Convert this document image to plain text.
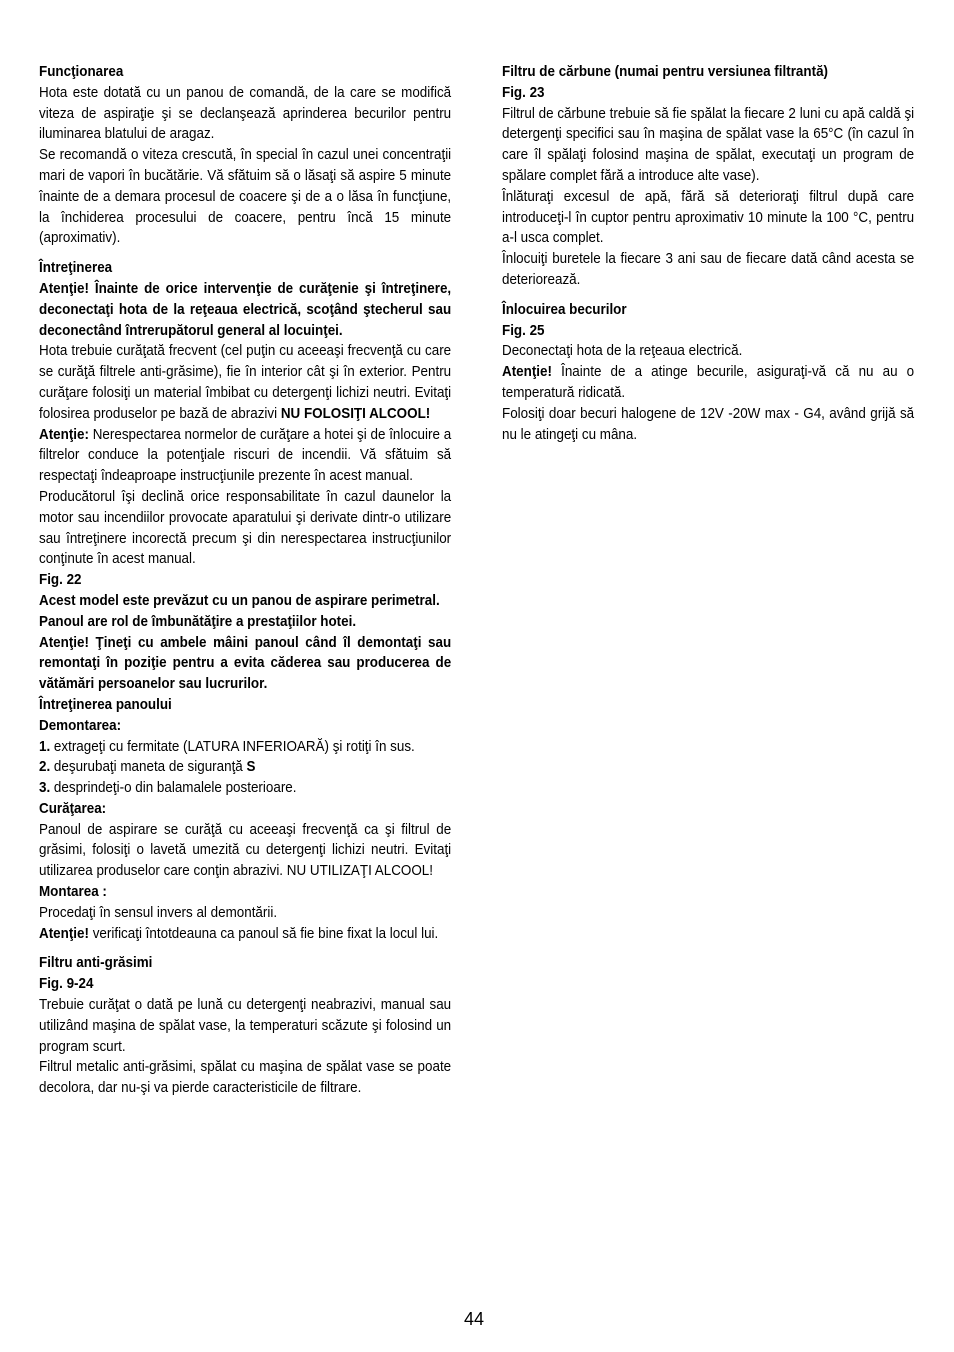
Funcţionarea

Hota este dotată cu un panou de comandă, de la care se modifică viteza de aspiraţie şi se declanşează aprinderea becurilor pentru iluminarea blatului de aragaz.

Se recomandă o viteza crescută, în special în cazul unei concentraţii mari de vapori în bucătărie. Vă sfătuim să o lăsaţi să aspire 5 minute înainte de a demara procesul de coacere şi de a o lăsa în funcţiune, la închiderea procesului de coacere, pentru încă 15 minute (aproximativ).

Întreţinerea

Atenţie! Înainte de orice intervenţie de curăţenie şi întreţinere, deconectaţi hota de la reţeaua electrică, scoţând ştecherul sau deconectând întrerupătorul general al locuinţei.

Hota trebuie curăţată frecvent (cel puţin cu aceeaşi frecvenţă cu care se curăţă filtrele anti-grăsime), fie în interior cât şi în exterior. Pentru curăţare folosiţi un material îmbibat cu detergenţi lichizi neutri. Evitaţi folosirea produselor pe bază de abrazivi NU FOLOSIŢI ALCOOL!

Atenţie: Nerespectarea normelor de curăţare a hotei şi de înlocuire a filtrelor conduce la potenţiale riscuri de incendii. Vă sfătuim să respectaţi îndeaproape instrucţiunile prezente în acest manual.

Producătorul îşi declină orice responsabilitate în cazul daunelor la motor sau incendiilor provocate aparatului şi derivate dintr-o utilizare sau întreţinere incorectă precum şi din nerespectarea instrucţiunilor conţinute în acest manual.

Fig. 22

Acest model este prevăzut cu un panou de aspirare perimetral.

Panoul are rol de îmbunătăţire a prestaţiilor hotei.

Atenţie! Ţineţi cu ambele mâini panoul când îl demontaţi sau remontaţi în poziţie pentru a evita căderea sau producerea de vătămări persoanelor sau lucrurilor.

Întreţinerea panoului

Demontarea:

1. extrageţi cu fermitate (LATURA INFERIOARĂ) şi rotiţi în sus.

2. deşurubaţi maneta de siguranţă S

3. desprindeţi-o din balamalele posterioare.

Curăţarea:

Panoul de aspirare se curăţă cu aceeaşi frecvenţă ca şi filtrul de grăsimi, folosiţi o lavetă umezită cu detergenţi lichizi neutri. Evitaţi utilizarea produselor care conţin abrazivi. NU UTILIZAŢI ALCOOL!

Montarea :

Procedaţi în sensul invers al demontării.

Atenţie! verificaţi întotdeauna ca panoul să fie bine fixat la locul lui.

Filtru anti-grăsimi

Fig. 9-24

Trebuie curăţat o dată pe lună cu detergenţi neabrazivi, manual sau utilizând maşina de spălat vase, la temperaturi scăzute şi folosind un program scurt.

Filtrul metalic anti-grăsimi, spălat cu maşina de spălat vase se poate decolora, dar nu-şi va pierde caracteristicile de filtrare.

Filtru de cărbune (numai pentru versiunea filtrantă)

Fig. 23

Filtrul de cărbune trebuie să fie spălat la fiecare 2 luni cu apă caldă şi detergenţi specifici sau în maşina de spălat vase la 65°C (în cazul în care îl spălaţi folosind maşina de spălat, executaţi un program de spălare complet fără a introduce alte vase).

Înlăturaţi excesul de apă, fără să deterioraţi filtrul după care introduceţi-l în cuptor pentru aproximativ 10 minute la 100 °C, pentru a-l usca complet.

Înlocuiţi buretele la fiecare 3 ani sau de fiecare dată când acesta se deteriorează.

Înlocuirea becurilor

Fig. 25

Deconectaţi hota de la reţeaua electrică.

Atenţie! Înainte de a atinge becurile, asiguraţi-vă că nu au o temperatură ridicată.

Folosiţi doar becuri halogene de 12V -20W max - G4, având grijă să nu le atingeţi cu mâna.

44
